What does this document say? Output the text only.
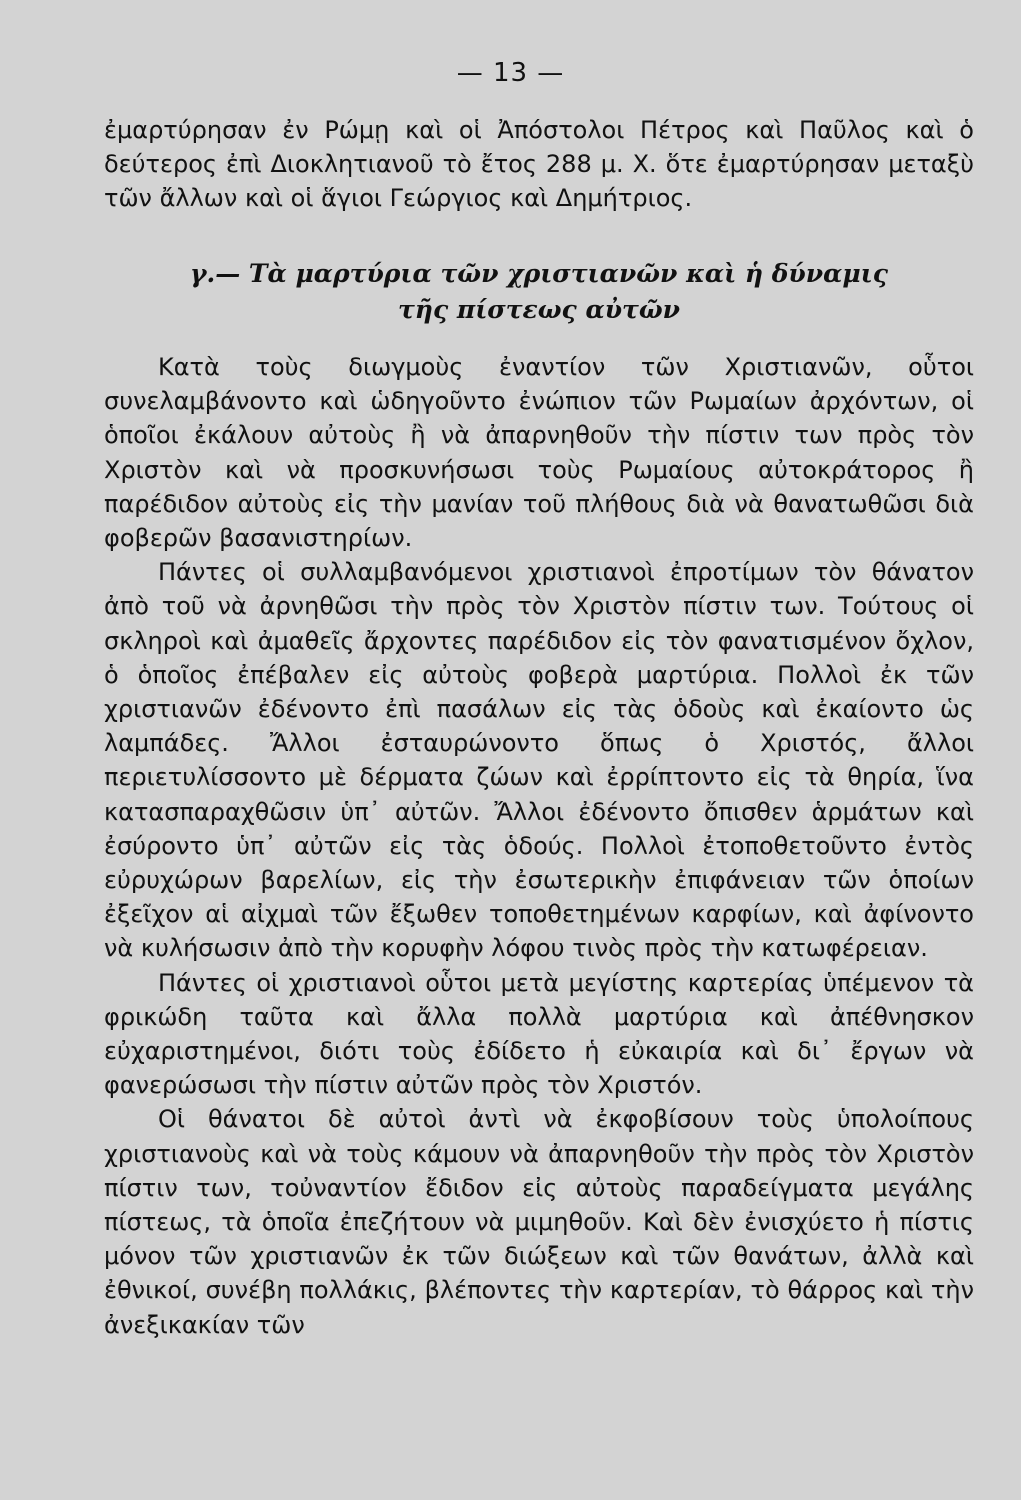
— 13 —

ἐμαρτύρησαν ἐν Ρώμῃ καὶ οἱ Ἀπόστολοι Πέτρος καὶ Παῦλος καὶ ὁ δεύτερος ἐπὶ Διοκλητιανοῦ τὸ ἔτος 288 μ. Χ. ὅτε ἐμαρτύρησαν μεταξὺ τῶν ἄλλων καὶ οἱ ἅγιοι Γεώργιος καὶ Δημήτριος.

γ.— Τὰ μαρτύρια τῶν χριστιανῶν καὶ ἡ δύναμις
τῆς πίστεως αὐτῶν

Κατὰ τοὺς διωγμοὺς ἐναντίον τῶν Χριστιανῶν, οὗτοι συνελαμβάνοντο καὶ ὡδηγοῦντο ἐνώπιον τῶν Ρωμαίων ἀρχόντων, οἱ ὁποῖοι ἐκάλουν αὐτοὺς ἢ νὰ ἀπαρνηθοῦν τὴν πίστιν των πρὸς τὸν Χριστὸν καὶ νὰ προσκυνήσωσι τοὺς Ρωμαίους αὐτοκράτορος ἢ παρέδιδον αὐτοὺς εἰς τὴν μανίαν τοῦ πλήθους διὰ νὰ θανατωθῶσι διὰ φοβερῶν βασανιστηρίων.

Πάντες οἱ συλλαμβανόμενοι χριστιανοὶ ἐπροτίμων τὸν θάνατον ἀπὸ τοῦ νὰ ἀρνηθῶσι τὴν πρὸς τὸν Χριστὸν πίστιν των. Τούτους οἱ σκληροὶ καὶ ἀμαθεῖς ἄρχοντες παρέδιδον εἰς τὸν φανατισμένον ὄχλον, ὁ ὁποῖος ἐπέβαλεν εἰς αὐτοὺς φοβερὰ μαρτύρια. Πολλοὶ ἐκ τῶν χριστιανῶν ἐδένοντο ἐπὶ πασάλων εἰς τὰς ὁδοὺς καὶ ἐκαίοντο ὡς λαμπάδες. Ἄλλοι ἐσταυρώνοντο ὅπως ὁ Χριστός, ἄλλοι περιετυλίσσοντο μὲ δέρματα ζώων καὶ ἐρρίπτοντο εἰς τὰ θηρία, ἵνα κατασπαραχθῶσιν ὑπ᾽ αὐτῶν. Ἄλλοι ἐδένοντο ὄπισθεν ἁρμάτων καὶ ἐσύροντο ὑπ᾽ αὐτῶν εἰς τὰς ὁδούς. Πολλοὶ ἐτοποθετοῦντο ἐντὸς εὐρυχώρων βαρελίων, εἰς τὴν ἐσωτερικὴν ἐπιφάνειαν τῶν ὁποίων ἐξεῖχον αἱ αἰχμαὶ τῶν ἔξωθεν τοποθετημένων καρφίων, καὶ ἀφίνοντο νὰ κυλήσωσιν ἀπὸ τὴν κορυφὴν λόφου τινὸς πρὸς τὴν κατωφέρειαν.

Πάντες οἱ χριστιανοὶ οὗτοι μετὰ μεγίστης καρτερίας ὑπέμενον τὰ φρικώδη ταῦτα καὶ ἄλλα πολλὰ μαρτύρια καὶ ἀπέθνησκον εὐχαριστημένοι, διότι τοὺς ἐδίδετο ἡ εὐκαιρία καὶ δι᾽ ἔργων νὰ φανερώσωσι τὴν πίστιν αὐτῶν πρὸς τὸν Χριστόν.

Οἱ θάνατοι δὲ αὐτοὶ ἀντὶ νὰ ἐκφοβίσουν τοὺς ὑπολοίπους χριστιανοὺς καὶ νὰ τοὺς κάμουν νὰ ἀπαρνηθοῦν τὴν πρὸς τὸν Χριστὸν πίστιν των, τοὐναντίον ἔδιδον εἰς αὐτοὺς παραδείγματα μεγάλης πίστεως, τὰ ὁποῖα ἐπεζήτουν νὰ μιμηθοῦν. Καὶ δὲν ἐνισχύετο ἡ πίστις μόνον τῶν χριστιανῶν ἐκ τῶν διώξεων καὶ τῶν θανάτων, ἀλλὰ καὶ ἐθνικοί, συνέβη πολλάκις, βλέποντες τὴν καρτερίαν, τὸ θάρρος καὶ τὴν ἀνεξικακίαν τῶν
